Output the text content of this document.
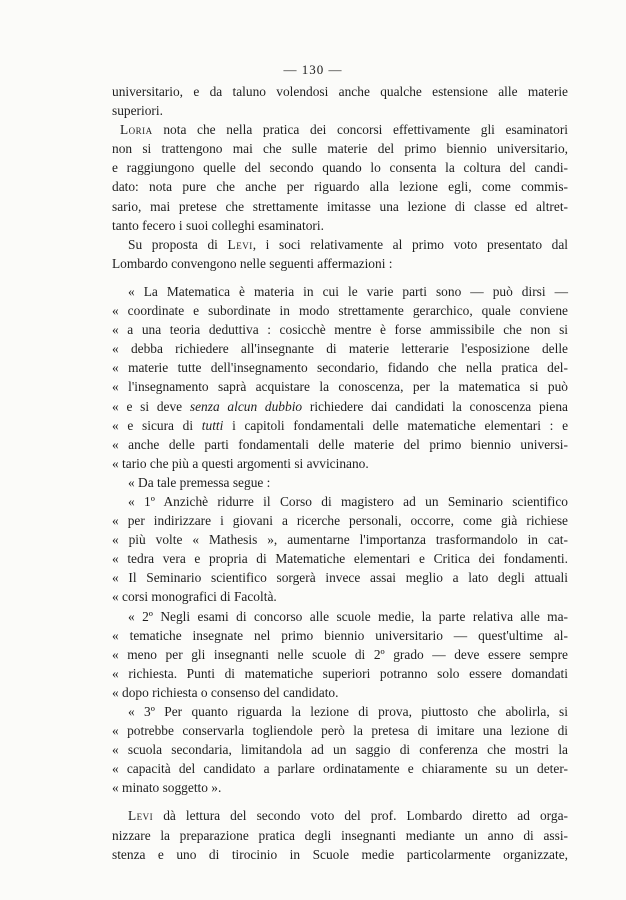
— 130 —
universitario, e da taluno volendosi anche qualche estensione alle materie
superiori.
Loria nota che nella pratica dei concorsi effettivamente gli esaminatori
non si trattengono mai che sulle materie del primo biennio universitario,
e raggiungono quelle del secondo quando lo consenta la coltura del candi-
dato: nota pure che anche per riguardo alla lezione egli, come commis-
sario, mai pretese che strettamente imitasse una lezione di classe ed altret-
tanto fecero i suoi colleghi esaminatori.
Su proposta di Levi, i soci relativamente al primo voto presentato dal
Lombardo convengono nelle seguenti affermazioni :
« La Matematica è materia in cui le varie parti sono — può dirsi —
« coordinate e subordinate in modo strettamente gerarchico, quale conviene
« a una teoria deduttiva : cosicchè mentre è forse ammissibile che non si
« debba richiedere all'insegnante di materie letterarie l'esposizione delle
« materie tutte dell'insegnamento secondario, fidando che nella pratica del-
« l'insegnamento saprà acquistare la conoscenza, per la matematica si può
« e si deve senza alcun dubbio richiedere dai candidati la conoscenza piena
« e sicura di tutti i capitoli fondamentali delle matematiche elementari : e
« anche delle parti fondamentali delle materie del primo biennio universi-
« tario che più a questi argomenti si avvicinano.
« Da tale premessa segue :
« 1º Anzichè ridurre il Corso di magistero ad un Seminario scientifico
« per indirizzare i giovani a ricerche personali, occorre, come già richiese
« più volte « Mathesis », aumentarne l'importanza trasformandolo in cat-
« tedra vera e propria di Matematiche elementari e Critica dei fondamenti.
« Il Seminario scientifico sorgerà invece assai meglio a lato degli attuali
« corsi monografici di Facoltà.
« 2º Negli esami di concorso alle scuole medie, la parte relativa alle ma-
« tematiche insegnate nel primo biennio universitario — quest'ultime al-
« meno per gli insegnanti nelle scuole di 2º grado — deve essere sempre
« richiesta. Punti di matematiche superiori potranno solo essere domandati
« dopo richiesta o consenso del candidato.
« 3º Per quanto riguarda la lezione di prova, piuttosto che abolirla, si
« potrebbe conservarla togliendole però la pretesa di imitare una lezione di
« scuola secondaria, limitandola ad un saggio di conferenza che mostri la
« capacità del candidato a parlare ordinatamente e chiaramente su un deter-
« minato soggetto ».
Levi dà lettura del secondo voto del prof. Lombardo diretto ad orga-
nizzare la preparazione pratica degli insegnanti mediante un anno di assi-
stenza e uno di tirocinio in Scuole medie particolarmente organizzate,
